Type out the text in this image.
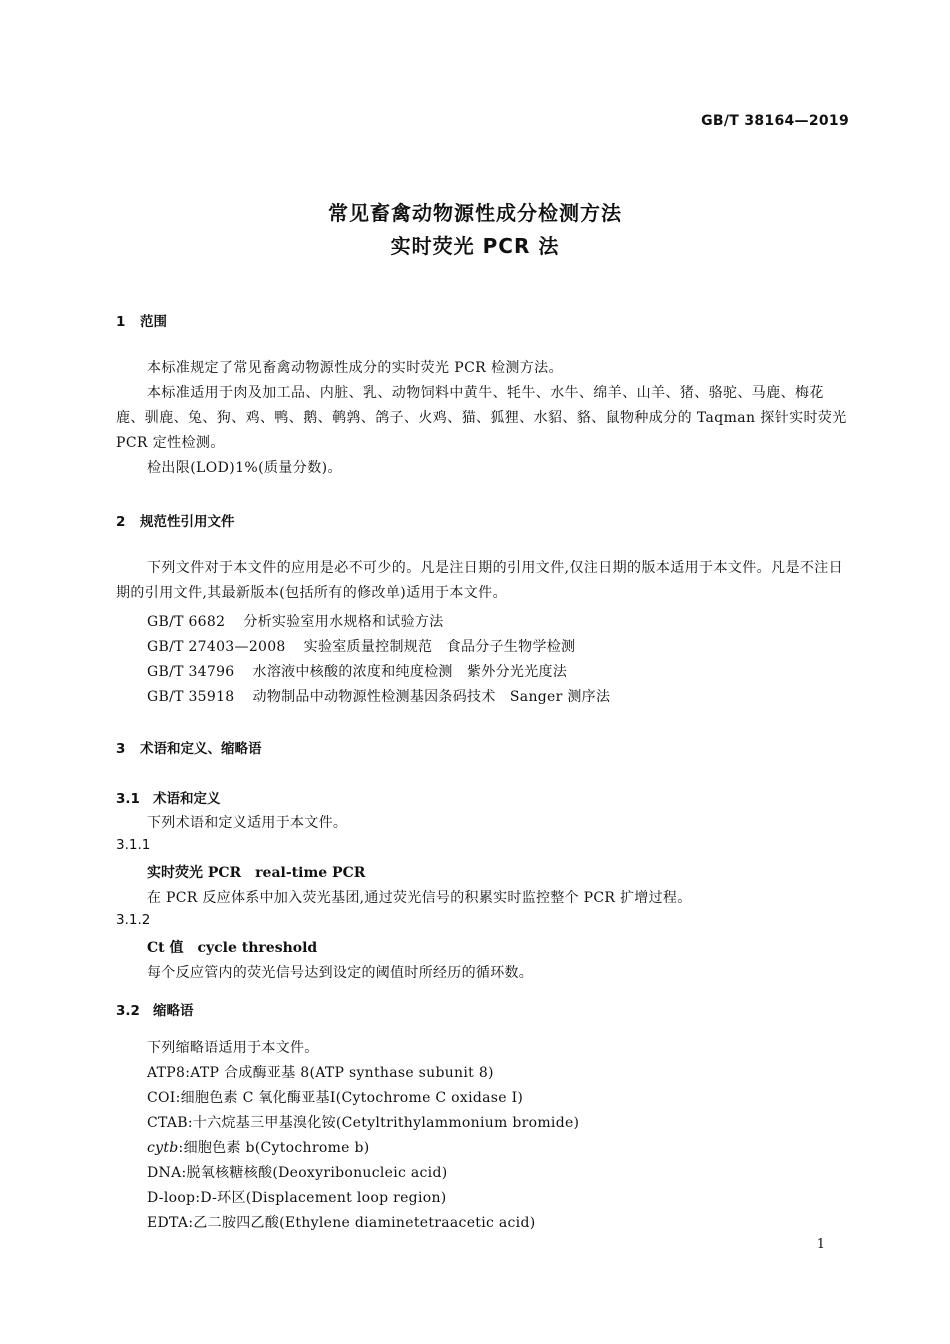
GB/T 38164—2019
常见畜禽动物源性成分检测方法
实时荧光 PCR 法
1 范围
本标准规定了常见畜禽动物源性成分的实时荧光 PCR 检测方法。
本标准适用于肉及加工品、内脏、乳、动物饲料中黄牛、牦牛、水牛、绵羊、山羊、猪、骆驼、马鹿、梅花鹿、驯鹿、兔、狗、鸡、鸭、鹅、鹌鹑、鸽子、火鸡、猫、狐狸、水貂、貉、鼠物种成分的 Taqman 探针实时荧光 PCR 定性检测。
检出限(LOD)1%(质量分数)。
2 规范性引用文件
下列文件对于本文件的应用是必不可少的。凡是注日期的引用文件,仅注日期的版本适用于本文件。凡是不注日期的引用文件,其最新版本(包括所有的修改单)适用于本文件。
GB/T 6682 分析实验室用水规格和试验方法
GB/T 27403—2008 实验室质量控制规范　食品分子生物学检测
GB/T 34796 水溶液中核酸的浓度和纯度检测　紫外分光光度法
GB/T 35918 动物制品中动物源性检测基因条码技术　Sanger 测序法
3 术语和定义、缩略语
3.1 术语和定义
下列术语和定义适用于本文件。
3.1.1
实时荧光 PCR　real-time PCR
在 PCR 反应体系中加入荧光基团,通过荧光信号的积累实时监控整个 PCR 扩增过程。
3.1.2
Ct 值　cycle threshold
每个反应管内的荧光信号达到设定的阈值时所经历的循环数。
3.2 缩略语
下列缩略语适用于本文件。
ATP8:ATP 合成酶亚基 8(ATP synthase subunit 8)
COⅠ:细胞色素 C 氧化酶亚基Ⅰ(Cytochrome C oxidase Ⅰ)
CTAB:十六烷基三甲基溴化铵(Cetyltrithylammonium bromide)
cytb:细胞色素 b(Cytochrome b)
DNA:脱氧核糖核酸(Deoxyribonucleic acid)
D-loop:D-环区(Displacement loop region)
EDTA:乙二胺四乙酸(Ethylene diaminetetraacetic acid)
1
